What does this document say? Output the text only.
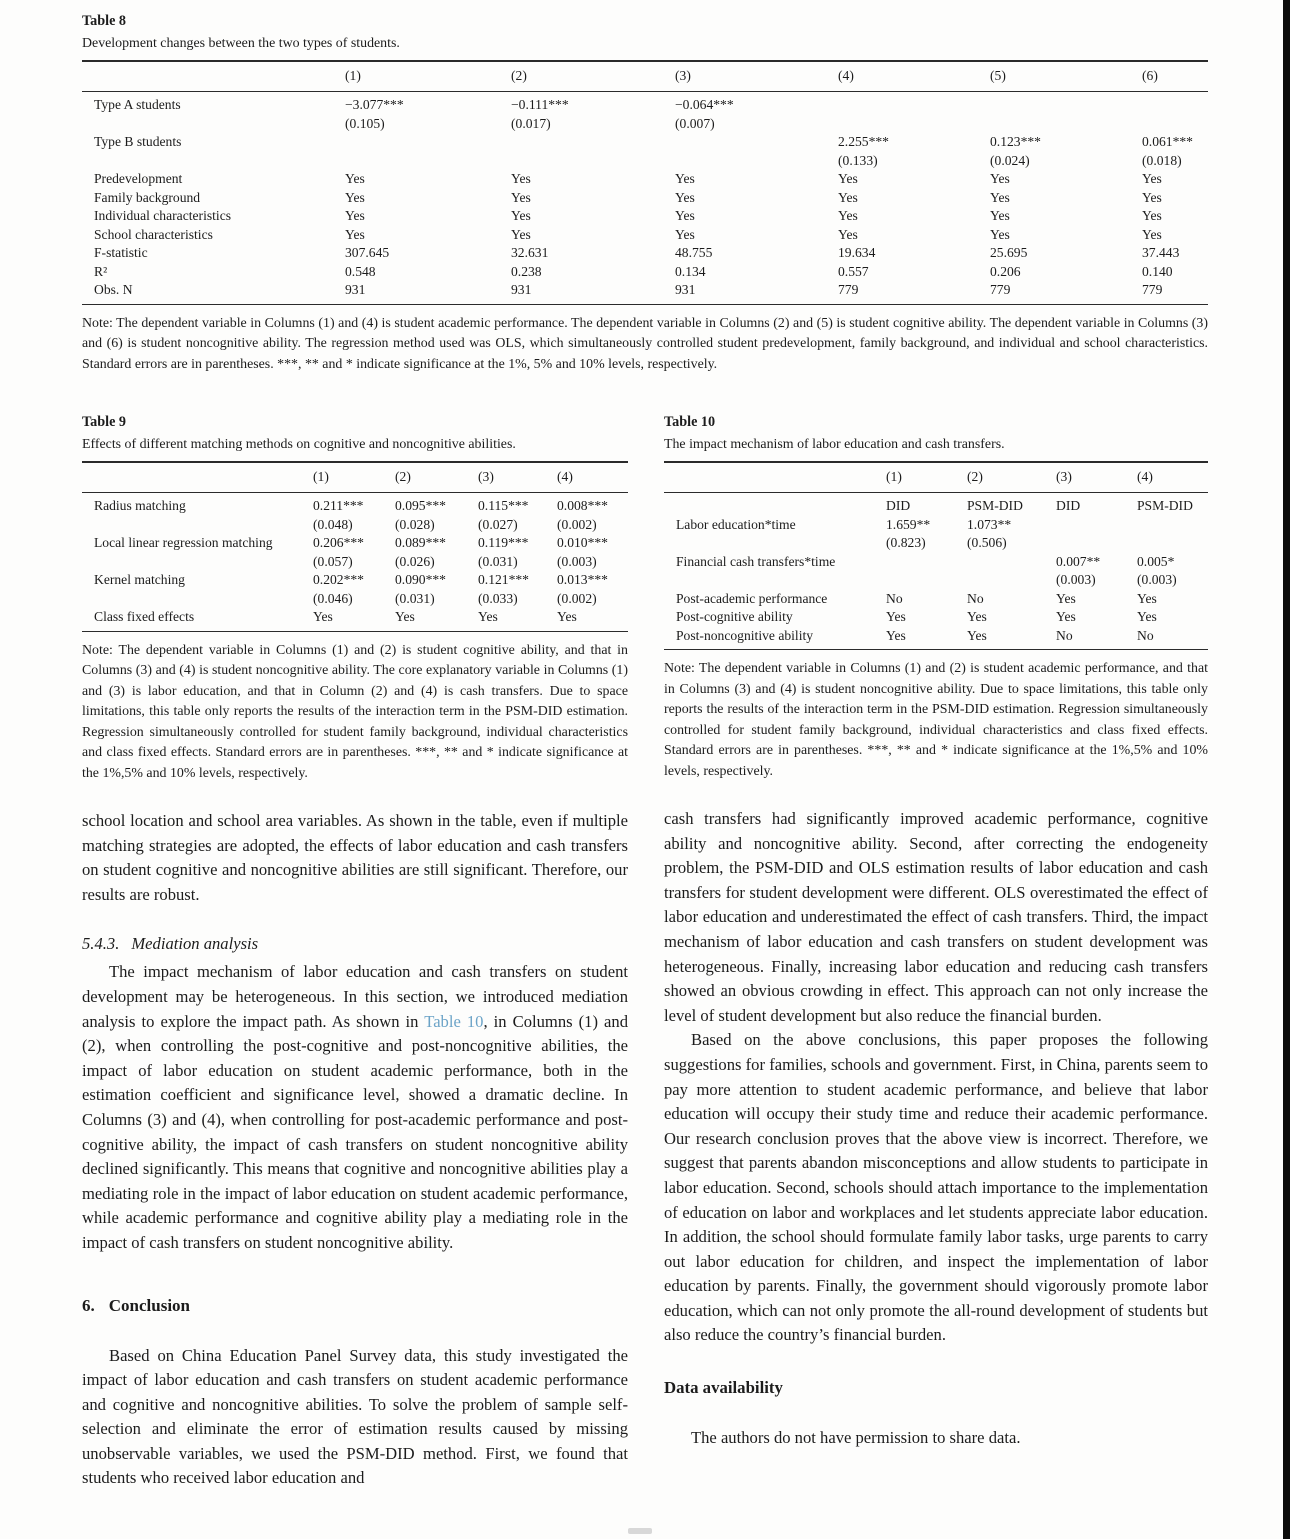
Table 8

Development changes between the two types of students.

	(1)	(2)	(3)	(4)	(5)	(6)
Type A students	−3.077***	−0.111***	−0.064***			
	(0.105)	(0.017)	(0.007)			
Type B students				2.255***	0.123***	0.061***
				(0.133)	(0.024)	(0.018)
Predevelopment	Yes	Yes	Yes	Yes	Yes	Yes
Family background	Yes	Yes	Yes	Yes	Yes	Yes
Individual characteristics	Yes	Yes	Yes	Yes	Yes	Yes
School characteristics	Yes	Yes	Yes	Yes	Yes	Yes
F-statistic	307.645	32.631	48.755	19.634	25.695	37.443
R²	0.548	0.238	0.134	0.557	0.206	0.140
Obs. N	931	931	931	779	779	779

Note: The dependent variable in Columns (1) and (4) is student academic performance. The dependent variable in Columns (2) and (5) is student cognitive ability. The dependent variable in Columns (3) and (6) is student noncognitive ability. The regression method used was OLS, which simultaneously controlled student predevelopment, family background, and individual and school characteristics. Standard errors are in parentheses. ***, ** and * indicate significance at the 1%, 5% and 10% levels, respectively.

Table 9

Effects of different matching methods on cognitive and noncognitive abilities.

	(1)	(2)	(3)	(4)
Radius matching	0.211***	0.095***	0.115***	0.008***
	(0.048)	(0.028)	(0.027)	(0.002)
Local linear regression matching	0.206***	0.089***	0.119***	0.010***
	(0.057)	(0.026)	(0.031)	(0.003)
Kernel matching	0.202***	0.090***	0.121***	0.013***
	(0.046)	(0.031)	(0.033)	(0.002)
Class fixed effects	Yes	Yes	Yes	Yes

Note: The dependent variable in Columns (1) and (2) is student cognitive ability, and that in Columns (3) and (4) is student noncognitive ability. The core explanatory variable in Columns (1) and (3) is labor education, and that in Column (2) and (4) is cash transfers. Due to space limitations, this table only reports the results of the interaction term in the PSM-DID estimation. Regression simultaneously controlled for student family background, individual characteristics and class fixed effects. Standard errors are in parentheses. ***, ** and * indicate significance at the 1%,5% and 10% levels, respectively.

school location and school area variables. As shown in the table, even if multiple matching strategies are adopted, the effects of labor education and cash transfers on student cognitive and noncognitive abilities are still significant. Therefore, our results are robust.

5.4.3. Mediation analysis

The impact mechanism of labor education and cash transfers on student development may be heterogeneous. In this section, we introduced mediation analysis to explore the impact path. As shown in Table 10, in Columns (1) and (2), when controlling the post-cognitive and post-noncognitive abilities, the impact of labor education on student academic performance, both in the estimation coefficient and significance level, showed a dramatic decline. In Columns (3) and (4), when controlling for post-academic performance and post-cognitive ability, the impact of cash transfers on student noncognitive ability declined significantly. This means that cognitive and noncognitive abilities play a mediating role in the impact of labor education on student academic performance, while academic performance and cognitive ability play a mediating role in the impact of cash transfers on student noncognitive ability.

6. Conclusion

Based on China Education Panel Survey data, this study investigated the impact of labor education and cash transfers on student academic performance and cognitive and noncognitive abilities. To solve the problem of sample self-selection and eliminate the error of estimation results caused by missing unobservable variables, we used the PSM-DID method. First, we found that students who received labor education and

Table 10

The impact mechanism of labor education and cash transfers.

	(1)	(2)	(3)	(4)
	DID	PSM-DID	DID	PSM-DID
Labor education*time	1.659**	1.073**		
	(0.823)	(0.506)		
Financial cash transfers*time			0.007**	0.005*
			(0.003)	(0.003)
Post-academic performance	No	No	Yes	Yes
Post-cognitive ability	Yes	Yes	Yes	Yes
Post-noncognitive ability	Yes	Yes	No	No

Note: The dependent variable in Columns (1) and (2) is student academic performance, and that in Columns (3) and (4) is student noncognitive ability. Due to space limitations, this table only reports the results of the interaction term in the PSM-DID estimation. Regression simultaneously controlled for student family background, individual characteristics and class fixed effects. Standard errors are in parentheses. ***, ** and * indicate significance at the 1%,5% and 10% levels, respectively.

cash transfers had significantly improved academic performance, cognitive ability and noncognitive ability. Second, after correcting the endogeneity problem, the PSM-DID and OLS estimation results of labor education and cash transfers for student development were different. OLS overestimated the effect of labor education and underestimated the effect of cash transfers. Third, the impact mechanism of labor education and cash transfers on student development was heterogeneous. Finally, increasing labor education and reducing cash transfers showed an obvious crowding in effect. This approach can not only increase the level of student development but also reduce the financial burden.

Based on the above conclusions, this paper proposes the following suggestions for families, schools and government. First, in China, parents seem to pay more attention to student academic performance, and believe that labor education will occupy their study time and reduce their academic performance. Our research conclusion proves that the above view is incorrect. Therefore, we suggest that parents abandon misconceptions and allow students to participate in labor education. Second, schools should attach importance to the implementation of education on labor and workplaces and let students appreciate labor education. In addition, the school should formulate family labor tasks, urge parents to carry out labor education for children, and inspect the implementation of labor education by parents. Finally, the government should vigorously promote labor education, which can not only promote the all-round development of students but also reduce the country’s financial burden.

Data availability

The authors do not have permission to share data.
